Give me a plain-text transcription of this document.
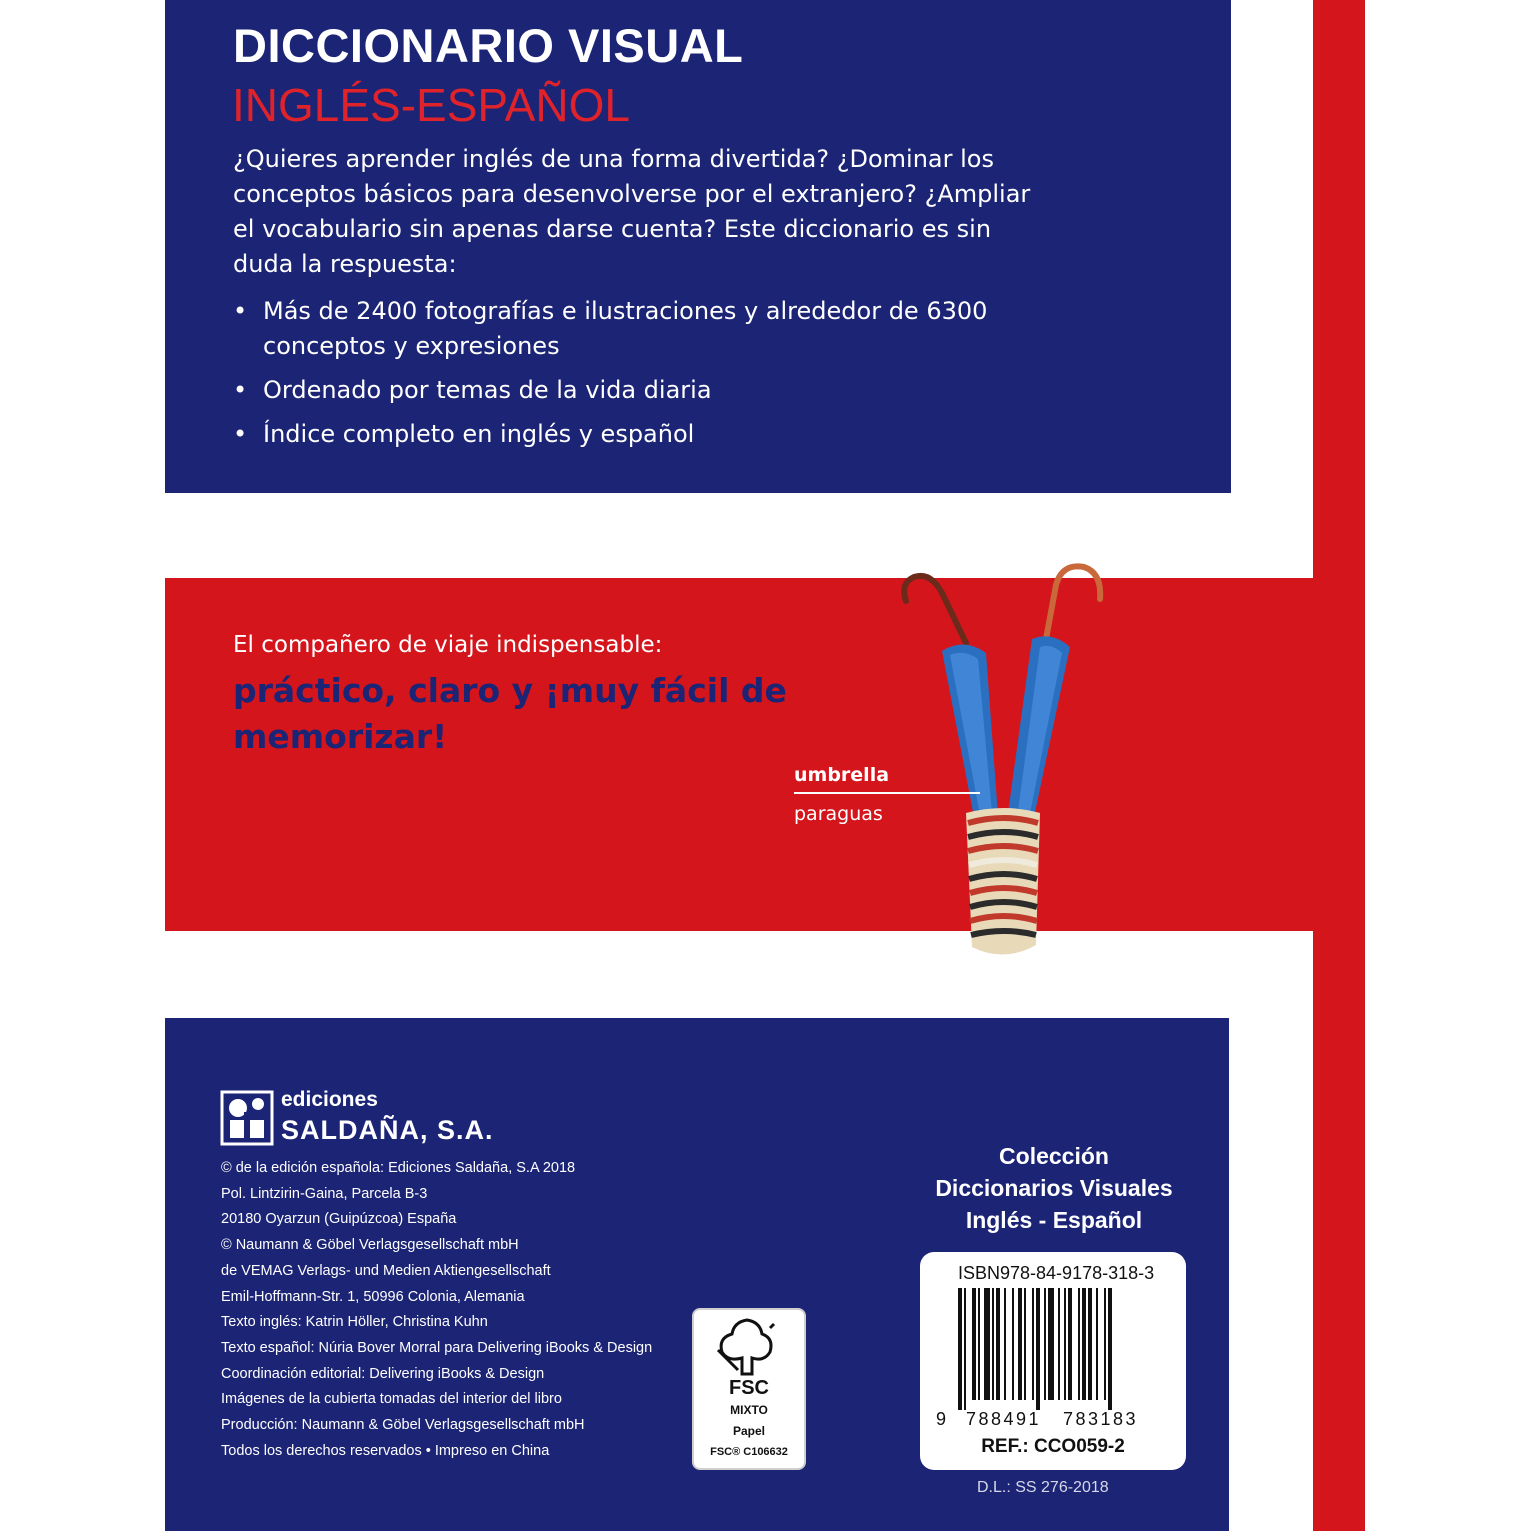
DICCIONARIO VISUAL
INGLÉS-ESPAÑOL
¿Quieres aprender inglés de una forma divertida? ¿Dominar los conceptos básicos para desenvolverse por el extranjero? ¿Ampliar el vocabulario sin apenas darse cuenta? Este diccionario es sin duda la respuesta:
• Más de 2400 fotografías e ilustraciones y alrededor de 6300 conceptos y expresiones
• Ordenado por temas de la vida diaria
• Índice completo en inglés y español
El compañero de viaje indispensable:
práctico, claro y ¡muy fácil de memorizar!
umbrella
paraguas
ediciones
SALDAÑA, S.A.
© de la edición española: Ediciones Saldaña, S.A 2018
Pol. Lintzirin-Gaina, Parcela B-3
20180 Oyarzun (Guipúzcoa) España
© Naumann & Göbel Verlagsgesellschaft mbH
de VEMAG Verlags- und Medien Aktiengesellschaft
Emil-Hoffmann-Str. 1, 50996 Colonia, Alemania
Texto inglés: Katrin Höller, Christina Kuhn
Texto español: Núria Bover Morral para Delivering iBooks & Design
Coordinación editorial: Delivering iBooks & Design
Imágenes de la cubierta tomadas del interior del libro
Producción: Naumann & Göbel Verlagsgesellschaft mbH
Todos los derechos reservados • Impreso en China
FSC
MIXTO
Papel
FSC® C106632
Colección
Diccionarios Visuales
Inglés - Español
ISBN978-84-9178-318-3
9 788491 783183
REF.: CCO059-2
D.L.: SS 276-2018
